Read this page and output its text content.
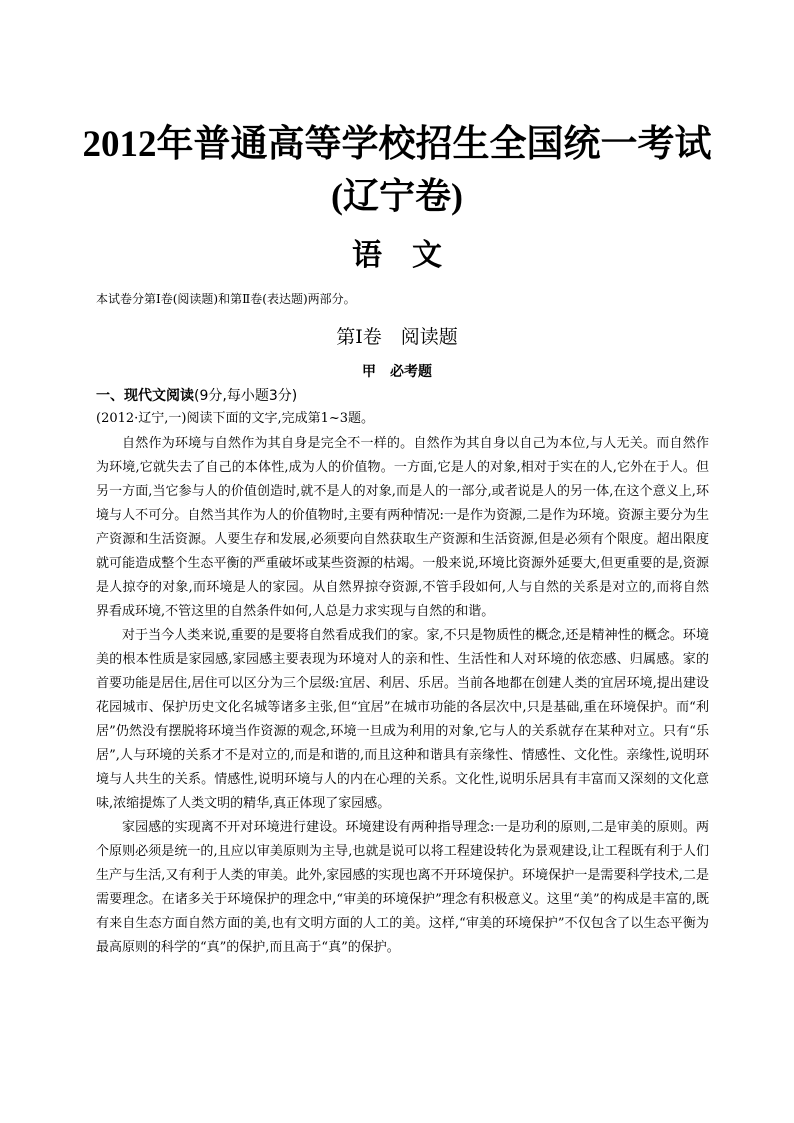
2012年普通高等学校招生全国统一考试
(辽宁卷)
语文
本试卷分第Ⅰ卷(阅读题)和第Ⅱ卷(表达题)两部分。
第Ⅰ卷　阅读题
甲　必考题
一、现代文阅读(9分,每小题3分)
(2012·辽宁,一)阅读下面的文字,完成第1~3题。

自然作为环境与自然作为其自身是完全不一样的。自然作为其自身以自己为本位,与人无关。而自然作为环境,它就失去了自己的本体性,成为人的价值物。一方面,它是人的对象,相对于实在的人,它外在于人。但另一方面,当它参与人的价值创造时,就不是人的对象,而是人的一部分,或者说是人的另一体,在这个意义上,环境与人不可分。自然当其作为人的价值物时,主要有两种情况:一是作为资源,二是作为环境。资源主要分为生产资源和生活资源。人要生存和发展,必须要向自然获取生产资源和生活资源,但是必须有个限度。超出限度就可能造成整个生态平衡的严重破坏或某些资源的枯竭。一般来说,环境比资源外延要大,但更重要的是,资源是人掠夺的对象,而环境是人的家园。从自然界掠夺资源,不管手段如何,人与自然的关系是对立的,而将自然界看成环境,不管这里的自然条件如何,人总是力求实现与自然的和谐。

对于当今人类来说,重要的是要将自然看成我们的家。家,不只是物质性的概念,还是精神性的概念。环境美的根本性质是家园感,家园感主要表现为环境对人的亲和性、生活性和人对环境的依恋感、归属感。家的首要功能是居住,居住可以区分为三个层级:宜居、利居、乐居。当前各地都在创建人类的宜居环境,提出建设花园城市、保护历史文化名城等诸多主张,但“宜居”在城市功能的各层次中,只是基础,重在环境保护。而“利居”仍然没有摆脱将环境当作资源的观念,环境一旦成为利用的对象,它与人的关系就存在某种对立。只有“乐居”,人与环境的关系才不是对立的,而是和谐的,而且这种和谐具有亲缘性、情感性、文化性。亲缘性,说明环境与人共生的关系。情感性,说明环境与人的内在心理的关系。文化性,说明乐居具有丰富而又深刻的文化意味,浓缩提炼了人类文明的精华,真正体现了家园感。

家园感的实现离不开对环境进行建设。环境建设有两种指导理念:一是功利的原则,二是审美的原则。两个原则必须是统一的,且应以审美原则为主导,也就是说可以将工程建设转化为景观建设,让工程既有利于人们生产与生活,又有利于人类的审美。此外,家园感的实现也离不开环境保护。环境保护一是需要科学技术,二是需要理念。在诸多关于环境保护的理念中,“审美的环境保护”理念有积极意义。这里“美”的构成是丰富的,既有来自生态方面自然方面的美,也有文明方面的人工的美。这样,“审美的环境保护”不仅包含了以生态平衡为最高原则的科学的“真”的保护,而且高于“真”的保护。
